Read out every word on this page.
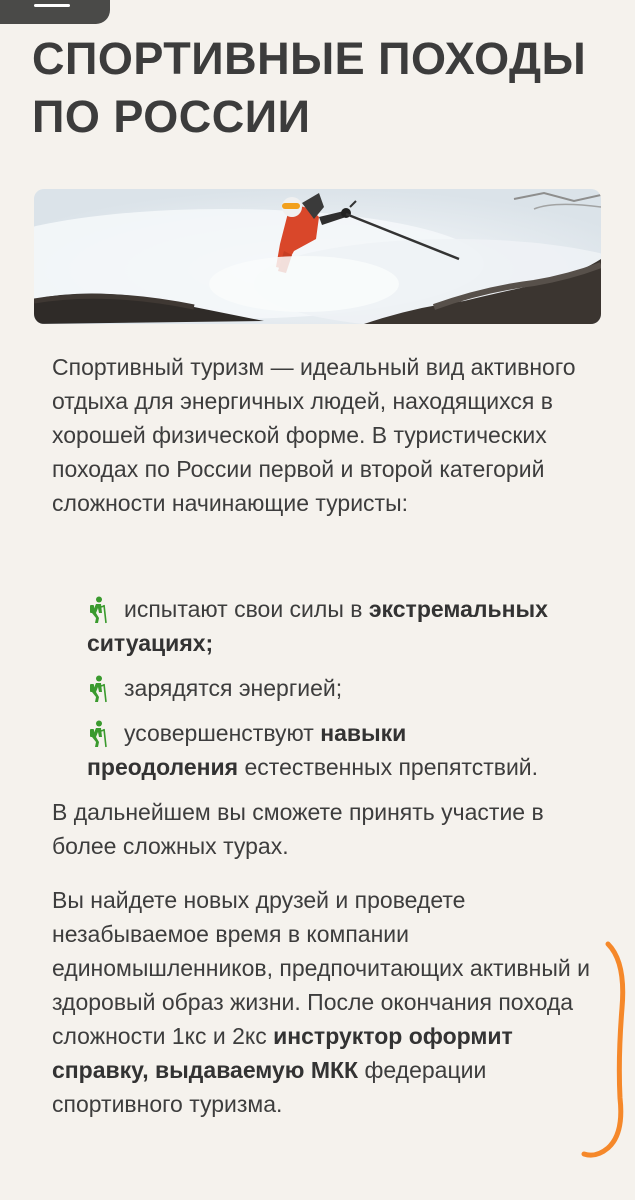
СПОРТИВНЫЕ ПОХОДЫ ПО РОССИИ

Спортивный туризм — идеальный вид активного отдыха для энергичных людей, находящихся в хорошей физической форме. В туристических походах по России первой и второй категорий сложности начинающие туристы:

испытают свои силы в экстремальных
ситуациях;
зарядятся энергией;
усовершенствуют навыки
преодоления естественных препятствий.

В дальнейшем вы сможете принять участие в более сложных турах.

Вы найдете новых друзей и проведете незабываемое время в компании единомышленников, предпочитающих активный и здоровый образ жизни. После окончания похода сложности 1кс и 2кс инструктор оформит справку, выдаваемую МКК федерации спортивного туризма.
